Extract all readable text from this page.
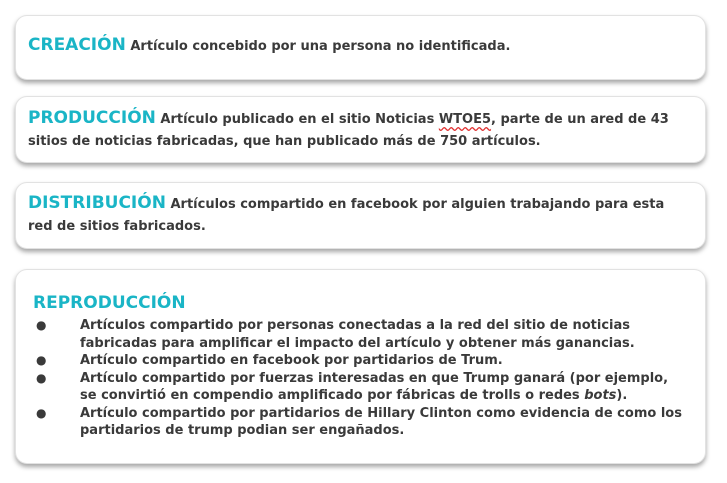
CREACIÓN Artículo concebido por una persona no identificada.
PRODUCCIÓN Artículo publicado en el sitio Noticias WTOE5, parte de un ared de 43 sitios de noticias fabricadas, que han publicado más de 750 artículos.
DISTRIBUCIÓN Artículos compartido en facebook por alguien trabajando para esta red de sitios fabricados.
REPRODUCCIÓN
●	Artículos compartido por personas conectadas a la red del sitio de noticias fabricadas para amplificar el impacto del artículo y obtener más ganancias.
●	Artículo compartido en facebook por partidarios de Trum.
●	Artículo compartido por fuerzas interesadas en que Trump ganará (por ejemplo, se convirtió en compendio amplificado por fábricas de trolls o redes bots).
●	Artículo compartido por partidarios de Hillary Clinton como evidencia de como los partidarios de trump podian ser engañados.
